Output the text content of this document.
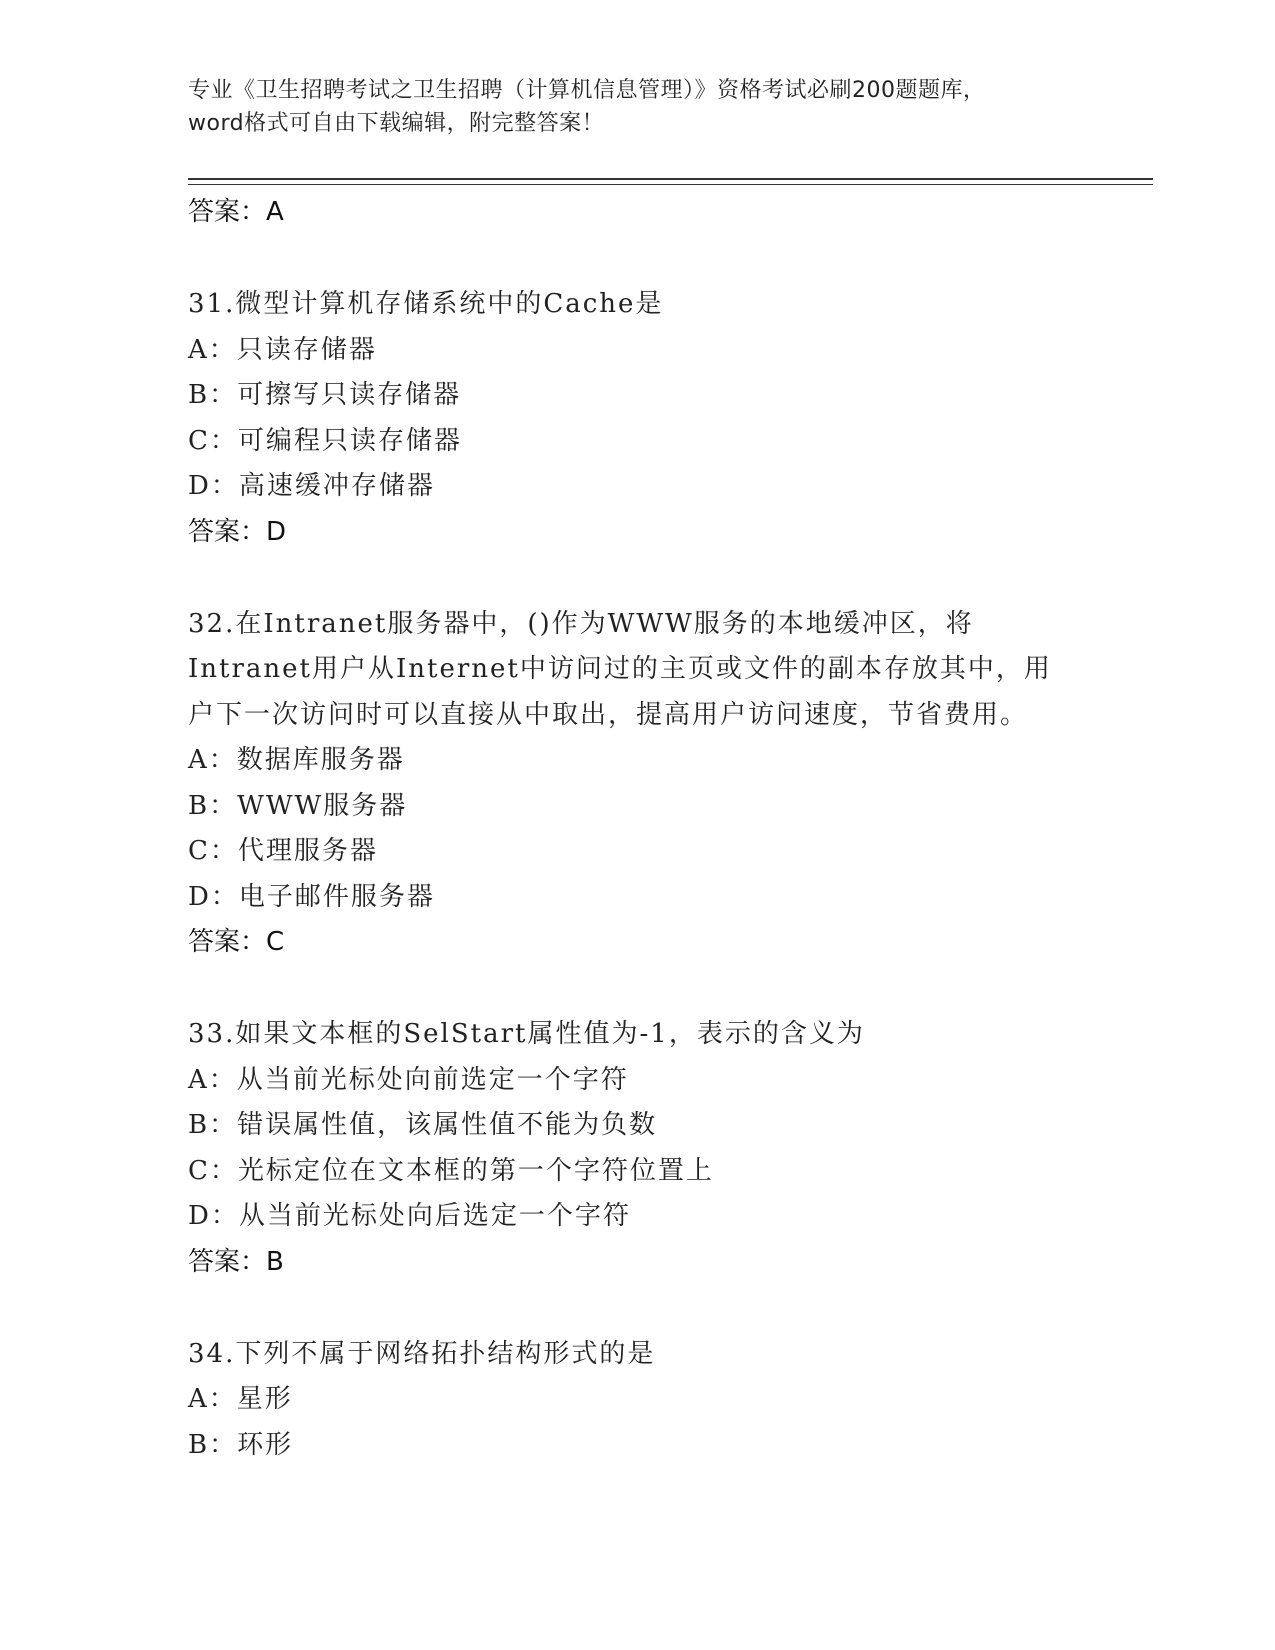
专业《卫生招聘考试之卫生招聘（计算机信息管理）》资格考试必刷200题题库，
word格式可自由下载编辑，附完整答案！
答案：A
31.微型计算机存储系统中的Cache是
A：只读存储器
B：可擦写只读存储器
C：可编程只读存储器
D：高速缓冲存储器
答案：D
32.在Intranet服务器中，()作为WWW服务的本地缓冲区，将
Intranet用户从Internet中访问过的主页或文件的副本存放其中，用
户下一次访问时可以直接从中取出，提高用户访问速度，节省费用。
A：数据库服务器
B：WWW服务器
C：代理服务器
D：电子邮件服务器
答案：C
33.如果文本框的SelStart属性值为-1，表示的含义为
A：从当前光标处向前选定一个字符
B：错误属性值，该属性值不能为负数
C：光标定位在文本框的第一个字符位置上
D：从当前光标处向后选定一个字符
答案：B
34.下列不属于网络拓扑结构形式的是
A：星形
B：环形
